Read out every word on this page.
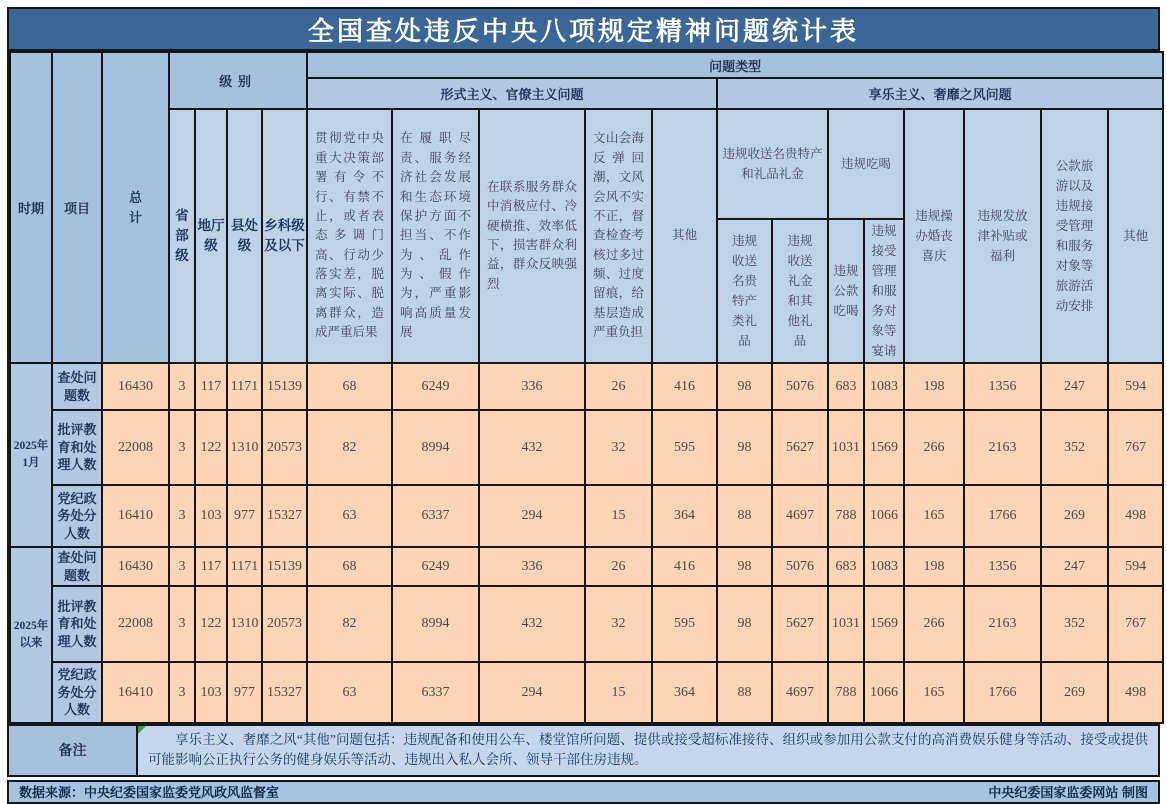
全国查处违反中央八项规定精神问题统计表
时期	项目	总计	级别				问题类型												
							形式主义、官僚主义问题					享乐主义、奢靡之风问题							
			省部级	地厅级	县处级	乡科级及以下	贯彻党中央重大决策部署有令不行、有禁不止，或者表态多调门高、行动少落实差，脱离实际、脱离群众，造成严重后果	在履职尽责、服务经济社会发展和生态环境保护方面不担当、不作为、乱作为、假作为，严重影响高质量发展	在联系服务群众中消极应付、冷硬横推、效率低下，损害群众利益，群众反映强烈	文山会海反弹回潮，文风会风不实不正，督查检查考核过多过频、过度留痕，给基层造成严重负担	其他	违规收送名贵特产和礼品礼金		违规吃喝		违规操办婚丧喜庆	违规发放津补贴或福利	公款旅游以及违规接受管理和服务对象等旅游活动安排	其他
												违规收送名贵特产类礼品	违规收送礼金和其他礼品	违规公款吃喝	违规接受管理和服务对象等宴请				
2025年1月	查处问题数	16430	3	117	1171	15139	68	6249	336	26	416	98	5076	683	1083	198	1356	247	594
	批评教育和处理人数	22008	3	122	1310	20573	82	8994	432	32	595	98	5627	1031	1569	266	2163	352	767
	党纪政务处分人数	16410	3	103	977	15327	63	6337	294	15	364	88	4697	788	1066	165	1766	269	498
2025年以来	查处问题数	16430	3	117	1171	15139	68	6249	336	26	416	98	5076	683	1083	198	1356	247	594
	批评教育和处理人数	22008	3	122	1310	20573	82	8994	432	32	595	98	5627	1031	1569	266	2163	352	767
	党纪政务处分人数	16410	3	103	977	15327	63	6337	294	15	364	88	4697	788	1066	165	1766	269	498
备注
享乐主义、奢靡之风“其他”问题包括：违规配备和使用公车、楼堂馆所问题、提供或接受超标准接待、组织或参加用公款支付的高消费娱乐健身等活动、接受或提供可能影响公正执行公务的健身娱乐等活动、违规出入私人会所、领导干部住房违规。
数据来源：中央纪委国家监委党风政风监督室	中央纪委国家监委网站 制图
